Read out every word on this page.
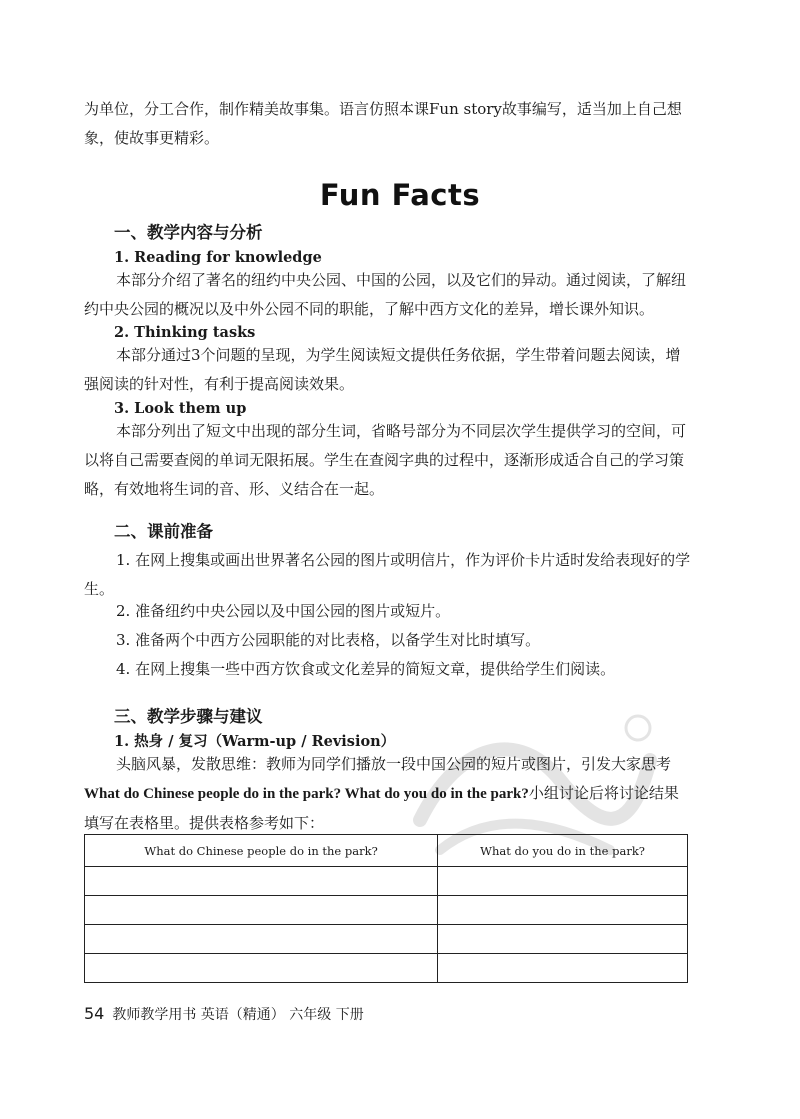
为单位，分工合作，制作精美故事集。语言仿照本课Fun story故事编写，适当加上自己想
象，使故事更精彩。

Fun Facts
一、教学内容与分析
1. Reading for knowledge

本部分介绍了著名的纽约中央公园、中国的公园，以及它们的异动。通过阅读，了解纽约中央公园的概况以及中外公园不同的职能，了解中西方文化的差异，增长课外知识。

2. Thinking tasks

本部分通过3个问题的呈现，为学生阅读短文提供任务依据，学生带着问题去阅读，增强阅读的针对性，有利于提高阅读效果。

3. Look them up

本部分列出了短文中出现的部分生词，省略号部分为不同层次学生提供学习的空间，可以将自己需要查阅的单词无限拓展。学生在查阅字典的过程中，逐渐形成适合自己的学习策略，有效地将生词的音、形、义结合在一起。

二、课前准备

1. 在网上搜集或画出世界著名公园的图片或明信片，作为评价卡片适时发给表现好的学生。

2. 准备纽约中央公园以及中国公园的图片或短片。

3. 准备两个中西方公园职能的对比表格，以备学生对比时填写。

4. 在网上搜集一些中西方饮食或文化差异的简短文章，提供给学生们阅读。

三、教学步骤与建议
1. 热身 / 复习（Warm-up / Revision）

头脑风暴，发散思维：教师为同学们播放一段中国公园的短片或图片，引发大家思考What do Chinese people do in the park? What do you do in the park?小组讨论后将讨论结果填写在表格里。提供表格参考如下：

What do Chinese people do in the park?	What do you do in the park?

54 教师教学用书 英语（精通） 六年级 下册
